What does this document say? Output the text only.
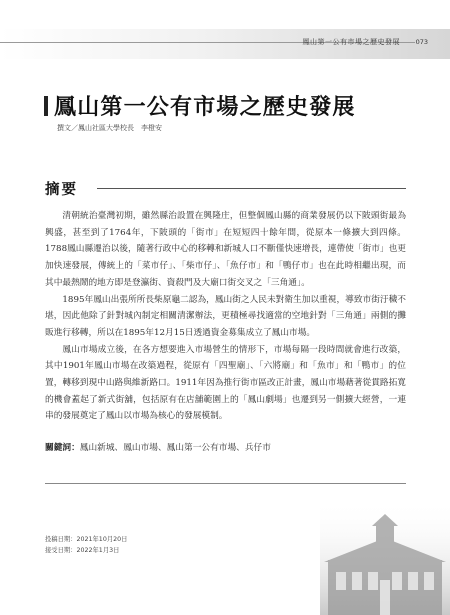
鳳山第一公有市場之歷史發展 073
鳳山第一公有市場之歷史發展
撰文／鳳山社區大學校長　李橙安
摘要

清朝統治臺灣初期，雖然縣治設置在興隆庄，但整個鳳山縣的商業發展仍以下陂頭街最為興盛，甚至到了1764年，下陂頭的「街市」在短短四十餘年間，從原本一條擴大到四條。1788鳳山縣遷治以後，隨著行政中心的移轉和新城人口不斷僅快速增長，連帶使「街市」也更加快速發展，傳統上的「菜市仔」、「柴市仔」、「魚仔市」和「鴨仔市」也在此時相繼出現，而其中最熱鬧的地方即是登瀛街、資殺門及大廟口街交叉之「三角通」。

1895年鳳山出張所所長柴原龜二認為，鳳山街之人民未對衛生加以重視，導致市街汙穢不堪，因此他除了針對城內制定相關清潔辦法，更積極尋找適當的空地針對「三角通」兩側的攤販進行移轉，所以在1895年12月15日透過資金募集成立了鳳山市場。

鳳山市場成立後，在各方想要進入市場營生的情形下，市場每隔一段時間就會進行改築，其中1901年鳳山市場在改築過程，從原有「四聖廟」、「六將廟」和「魚市」和「鴨市」的位置，轉移到現中山路與維新路口。1911年因為推行街市區改正計畫，鳳山市場藉著從貫路拓寬的機會蓋起了新式街舖，包括原有在店舖範圍上的「鳳山劇場」也遷到另一側擴大經營，一連串的發展奠定了鳳山以市場為核心的發展模制。

關鍵詞：鳳山新城、鳳山市場、鳳山第一公有市場、兵仔市
投稿日期：2021年10月20日
接受日期：2022年1月3日
